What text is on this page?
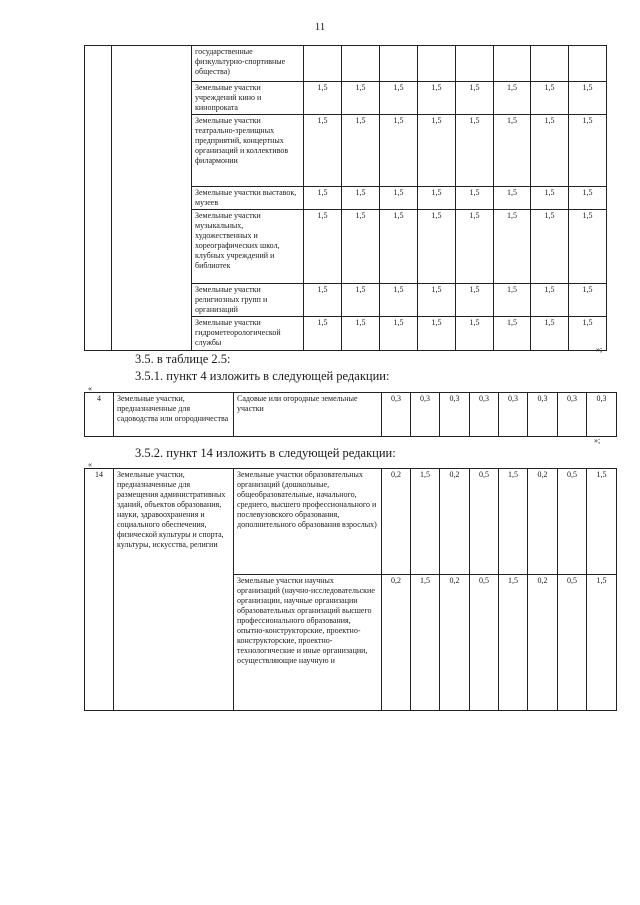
11
		государственные физкультурно-спортивные общества)								
		Земельные участки учреждений кино и кинопроката	1,5	1,5	1,5	1,5	1,5	1,5	1,5	1,5
		Земельные участки театрально-зрелищных предприятий, концертных организаций и коллективов филармонии	1,5	1,5	1,5	1,5	1,5	1,5	1,5	1,5
		Земельные участки выставок, музеев	1,5	1,5	1,5	1,5	1,5	1,5	1,5	1,5
		Земельные участки музыкальных, художественных и хореографических школ, клубных учреждений и библиотек	1,5	1,5	1,5	1,5	1,5	1,5	1,5	1,5
		Земельные участки религиозных групп и организаций	1,5	1,5	1,5	1,5	1,5	1,5	1,5	1,5
		Земельные участки гидрометеорологической службы	1,5	1,5	1,5	1,5	1,5	1,5	1,5	1,5
»;
3.5. в таблице 2.5:
3.5.1. пункт 4 изложить в следующей редакции:
«
4	Земельные участки, предназначенные для садоводства или огородничества	Садовые или огородные земельные участки	0,3	0,3	0,3	0,3	0,3	0,3	0,3	0,3
»;
3.5.2. пункт 14 изложить в следующей редакции:
«
14	Земельные участки, предназначенные для размещения административных зданий, объектов образования, науки, здравоохранения и социального обеспечения, физической культуры и спорта, культуры, искусства, религии	Земельные участки образовательных организаций (дошкольные, общеобразовательные, начального, среднего, высшего профессионального и послевузовского образования, дополнительного образования взрослых)	0,2	1,5	0,2	0,5	1,5	0,2	0,5	1,5
		Земельные участки научных организаций (научно-исследовательские организации, научные организации образовательных организаций высшего профессионального образования, опытно-конструкторские, проектно-конструкторские, проектно-технологические и иные организации, осуществляющие научную и	0,2	1,5	0,2	0,5	1,5	0,2	0,5	1,5
